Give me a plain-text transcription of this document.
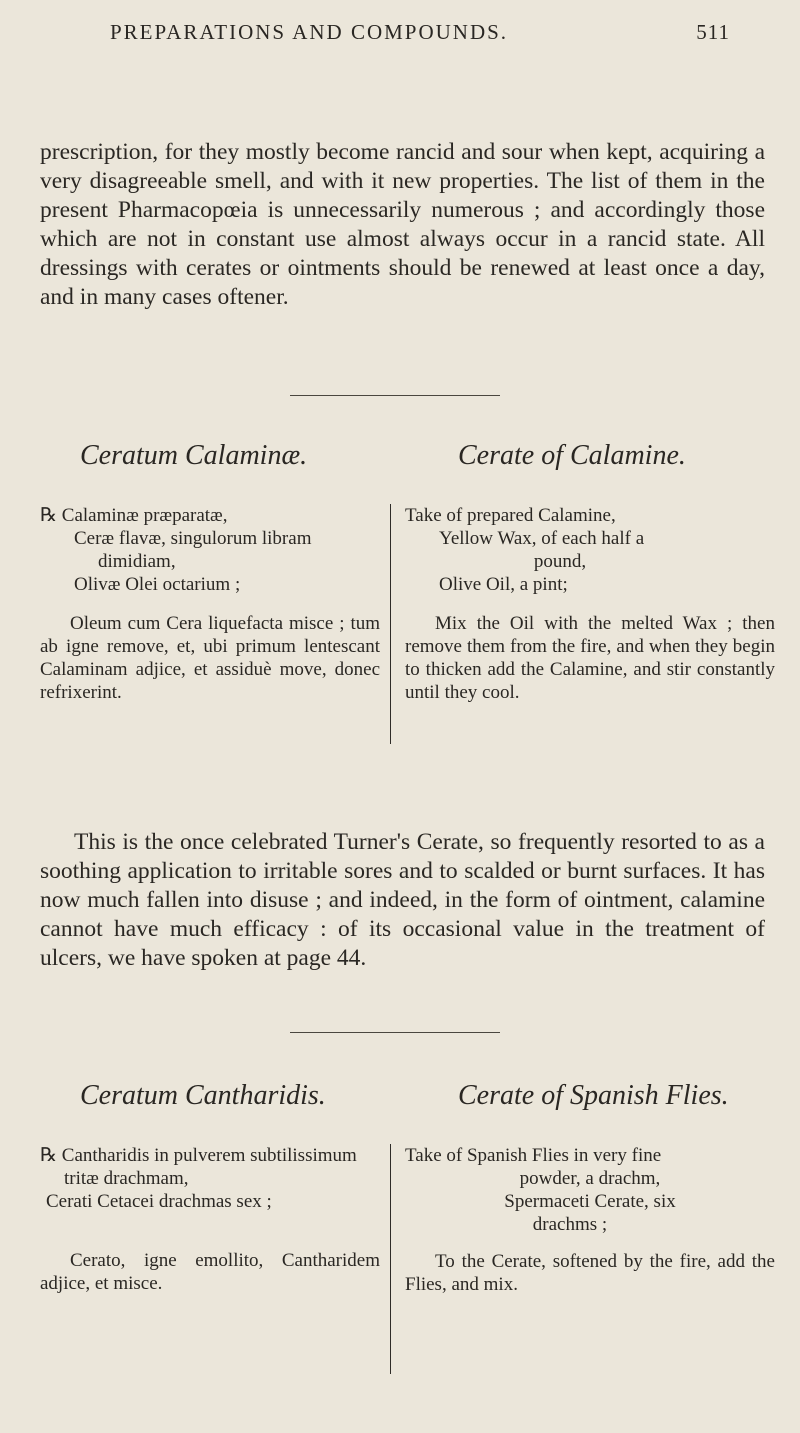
PREPARATIONS AND COMPOUNDS.	511

prescription, for they mostly become rancid and sour when kept, acquiring a very disagreeable smell, and with it new properties. The list of them in the present Pharmacopœia is unnecessarily numerous ; and accordingly those which are not in constant use almost always occur in a rancid state. All dressings with cerates or ointments should be renewed at least once a day, and in many cases oftener.

Ceratum Calaminæ.	Cerate of Calamine.

℞ Calaminæ præparatæ,

Ceræ flavæ, singulorum libram dimidiam,

Olivæ Olei octarium ;

Oleum cum Cera liquefacta misce ; tum ab igne remove, et, ubi primum lentescant Calaminam adjice, et assiduè move, donec refrixerint.

Take of prepared Calamine,

Yellow Wax, of each half a

pound,

Olive Oil, a pint;

Mix the Oil with the melted Wax ; then remove them from the fire, and when they begin to thicken add the Calamine, and stir constantly until they cool.

This is the once celebrated Turner's Cerate, so frequently resorted to as a soothing application to irritable sores and to scalded or burnt surfaces. It has now much fallen into disuse ; and indeed, in the form of ointment, calamine cannot have much efficacy : of its occasional value in the treatment of ulcers, we have spoken at page 44.

Ceratum Cantharidis.	Cerate of Spanish Flies.

℞ Cantharidis in pulverem subtilissimum tritæ drachmam,

Cerati Cetacei drachmas sex ;

Cerato, igne emollito, Cantharidem adjice, et misce.

Take of Spanish Flies in very fine

powder, a drachm,

Spermaceti Cerate, six

drachms ;

To the Cerate, softened by the fire, add the Flies, and mix.
